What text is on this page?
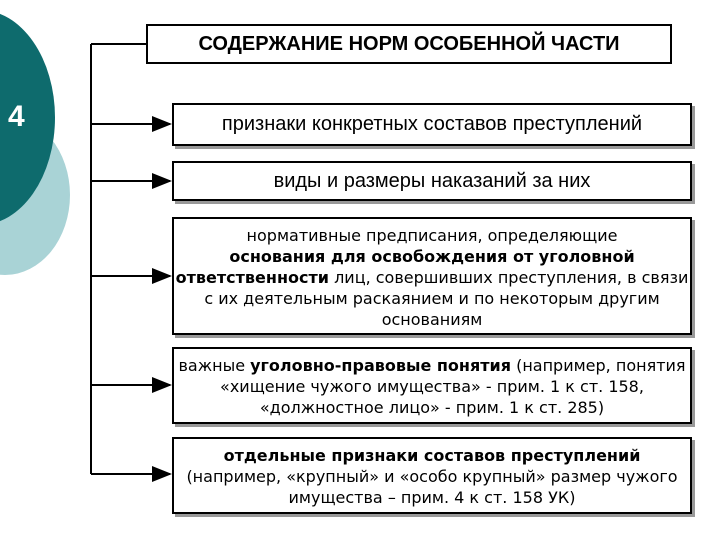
4
СОДЕРЖАНИЕ НОРМ ОСОБЕННОЙ ЧАСТИ
признаки конкретных составов преступлений
виды и размеры наказаний за них
нормативные предписания, определяющие
основания для освобождения от уголовной ответственности лиц, совершивших преступления, в связи с их деятельным раскаянием и по некоторым другим основаниям
важные уголовно-правовые понятия (например, понятия «хищение чужого имущества» - прим. 1 к ст. 158, «должностное лицо» - прим. 1 к ст. 285)
отдельные признаки составов преступлений (например, «крупный» и «особо крупный» размер чужого имущества – прим. 4 к ст. 158 УК)
